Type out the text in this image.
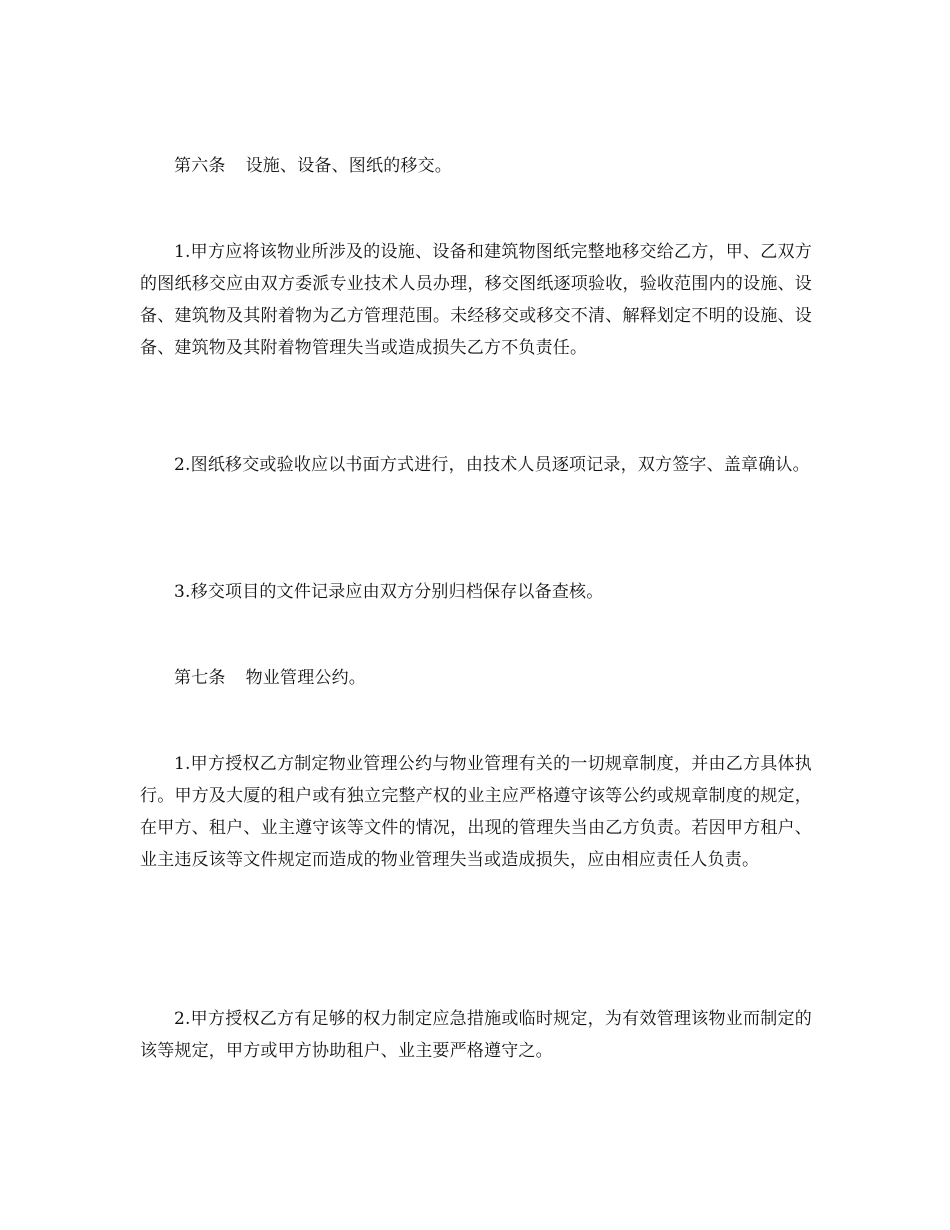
第六条 设施、设备、图纸的移交。

1.甲方应将该物业所涉及的设施、设备和建筑物图纸完整地移交给乙方，甲、乙双方的图纸移交应由双方委派专业技术人员办理，移交图纸逐项验收，验收范围内的设施、设备、建筑物及其附着物为乙方管理范围。未经移交或移交不清、解释划定不明的设施、设备、建筑物及其附着物管理失当或造成损失乙方不负责任。

2.图纸移交或验收应以书面方式进行，由技术人员逐项记录，双方签字、盖章确认。

3.移交项目的文件记录应由双方分别归档保存以备查核。

第七条 物业管理公约。

1.甲方授权乙方制定物业管理公约与物业管理有关的一切规章制度，并由乙方具体执行。甲方及大厦的租户或有独立完整产权的业主应严格遵守该等公约或规章制度的规定，在甲方、租户、业主遵守该等文件的情况，出现的管理失当由乙方负责。若因甲方租户、业主违反该等文件规定而造成的物业管理失当或造成损失，应由相应责任人负责。

2.甲方授权乙方有足够的权力制定应急措施或临时规定，为有效管理该物业而制定的该等规定，甲方或甲方协助租户、业主要严格遵守之。
